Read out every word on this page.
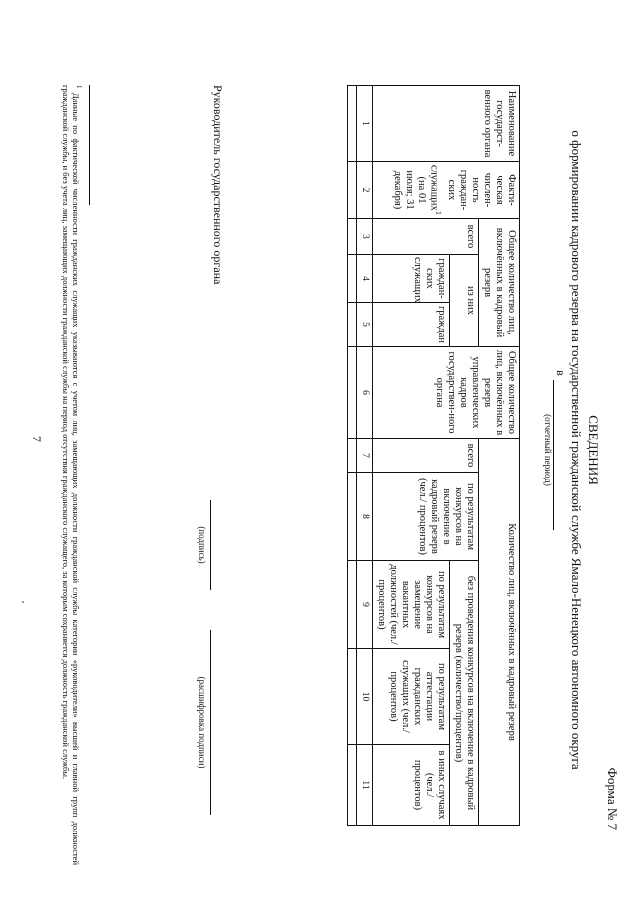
7
Форма № 7
СВЕДЕНИЯ
о формировании кадрового резерва на государственной гражданской службе Ямало-Ненецкого автономного округа
в
(отчетный период)
Наименование государст-венного органа	Факти-ческая числен-ность граждан-ских служащих$^1$ (на 01 июля; 31 декабря)	Общее количество лиц, включённых в кадровый резерв			Общее количество лиц, включённых в резерв управленческих кадров государствен-ного органа	Количество лиц, включённых в кадровый резерв				
		всего	из них			всего	по результатам конкурсов на включение в кадровый резерв (чел./ процентов)	без проведения конкурсов на включение в кадровый резерв (количество/процентов)		
			граждан-ских служащих	граждан				по результатам конкурсов на замещение вакантных должностей (чел./ процентов)	по результатам аттестации гражданских служащих (чел./ процентов)	в иных случаях (чел./ процентов)
1	2	3	4	5	6	7	8	9	10	11

Руководитель государственного органа
(подпись)
(расшифровка подписи)
$^1$ Данные по фактической численности гражданских служащих указываются с учетом лиц, замещающих должности гражданской службы категории «руководители» высшей и главной групп должностей гражданской службы, и без учета лиц, замещающих должности гражданской службы на период отсутствия гражданского служащего, за которым сохраняется должность гражданской службы.
